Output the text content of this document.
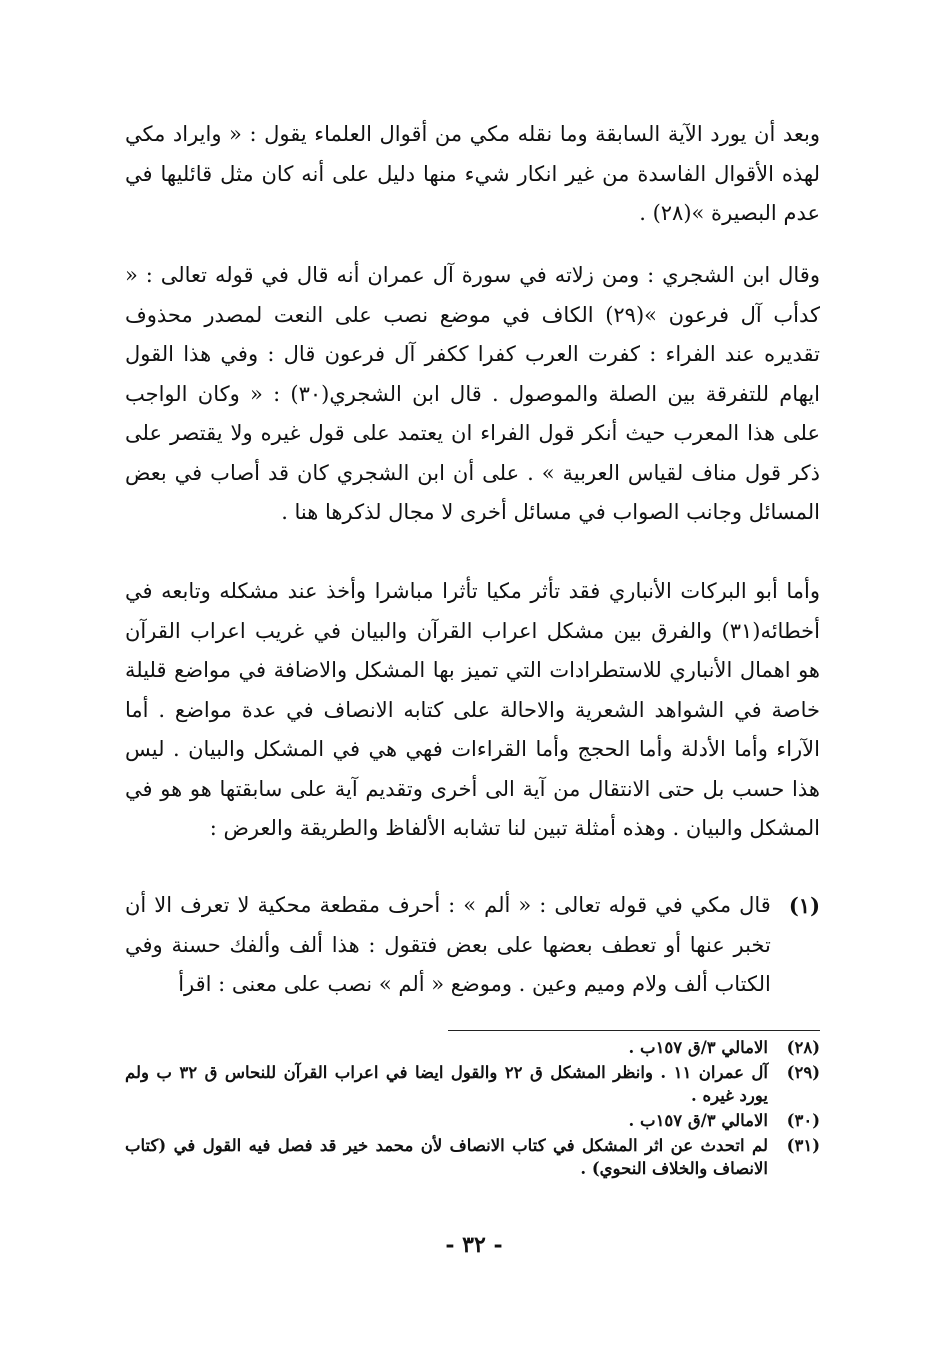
وبعد أن يورد الآية السابقة وما نقله مكي من أقوال العلماء يقول : « وايراد مكي لهذه الأقوال الفاسدة من غير انكار شيء منها دليل على أنه كان مثل قائليها في عدم البصيرة »(٢٨) .

وقال ابن الشجري : ومن زلاته في سورة آل عمران أنه قال في قوله تعالى : « كدأب آل فرعون »(٢٩) الكاف في موضع نصب على النعت لمصدر محذوف تقديره عند الفراء : كفرت العرب كفرا ككفر آل فرعون قال : وفي هذا القول ايهام للتفرقة بين الصلة والموصول . قال ابن الشجري(٣٠) : « وكان الواجب على هذا المعرب حيث أنكر قول الفراء ان يعتمد على قول غيره ولا يقتصر على ذكر قول مناف لقياس العربية » . على أن ابن الشجري كان قد أصاب في بعض المسائل وجانب الصواب في مسائل أخرى لا مجال لذكرها هنا .

وأما أبو البركات الأنباري فقد تأثر مكيا تأثرا مباشرا وأخذ عند مشكله وتابعه في أخطائه(٣١) والفرق بين مشكل اعراب القرآن والبيان في غريب اعراب القرآن هو اهمال الأنباري للاستطرادات التي تميز بها المشكل والاضافة في مواضع قليلة خاصة في الشواهد الشعرية والاحالة على كتابه الانصاف في عدة مواضع . أما الآراء وأما الأدلة وأما الحجج وأما القراءات فهي هي في المشكل والبيان . ليس هذا حسب بل حتى الانتقال من آية الى أخرى وتقديم آية على سابقتها هو هو في المشكل والبيان . وهذه أمثلة تبين لنا تشابه الألفاظ والطريقة والعرض :

(١)
قال مكي في قوله تعالى : « ألم » : أحرف مقطعة محكية لا تعرف الا أن تخبر عنها أو تعطف بعضها على بعض فتقول : هذا ألف وألفك حسنة وفي الكتاب ألف ولام وميم وعين . وموضع « ألم » نصب على معنى : اقرأ
(٢٨)
الامالي ٣/ق ١٥٧ب .
(٢٩)
آل عمران ١١ . وانظر المشكل ق ٢٢ والقول ايضا في اعراب القرآن للنحاس ق ٣٢ ب ولم يورد غيره .
(٣٠)
الامالي ٣/ق ١٥٧ب .
(٣١)
لم اتحدث عن اثر المشكل في كتاب الانصاف لأن محمد خير قد فصل فيه القول في (كتاب الانصاف والخلاف النحوي) .
- ٣٢ -
